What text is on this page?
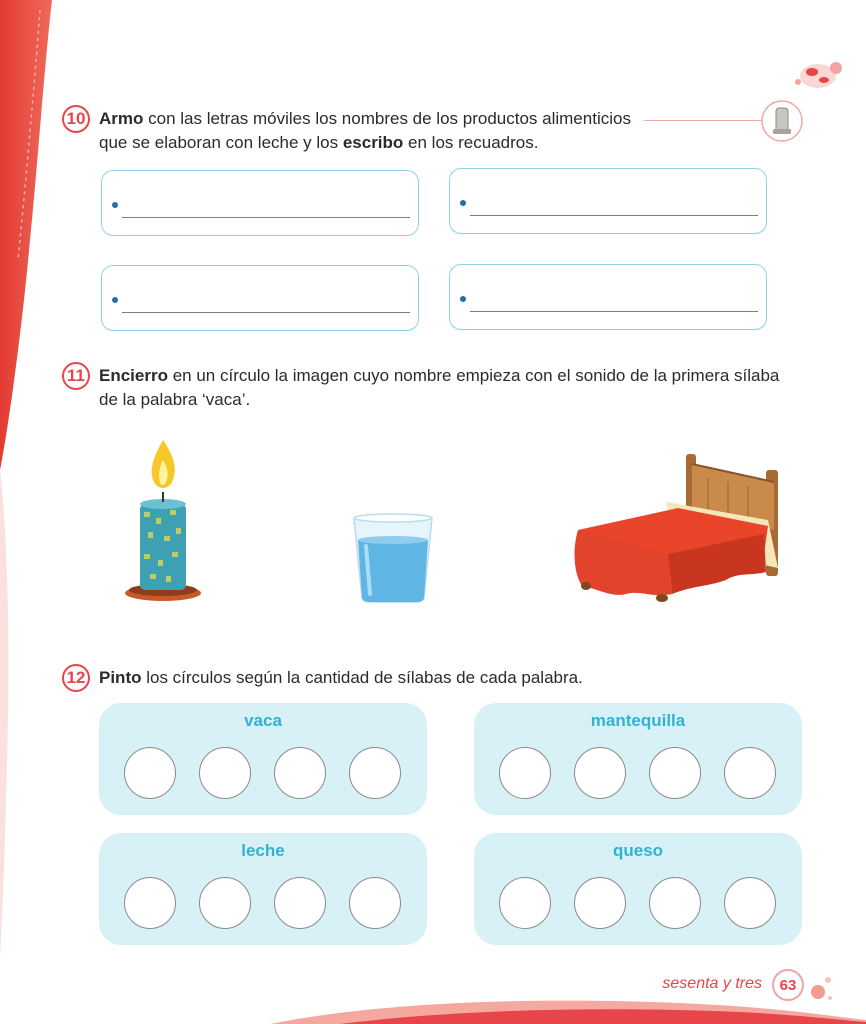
10 Armo con las letras móviles los nombres de los productos alimenticios
que se elaboran con leche y los escribo en los recuadros.
11 Encierro en un círculo la imagen cuyo nombre empieza con el sonido de la primera sílaba
de la palabra ‘vaca’.
12 Pinto los círculos según la cantidad de sílabas de cada palabra.
vaca	mantequilla
leche	queso
sesenta y tres	63
